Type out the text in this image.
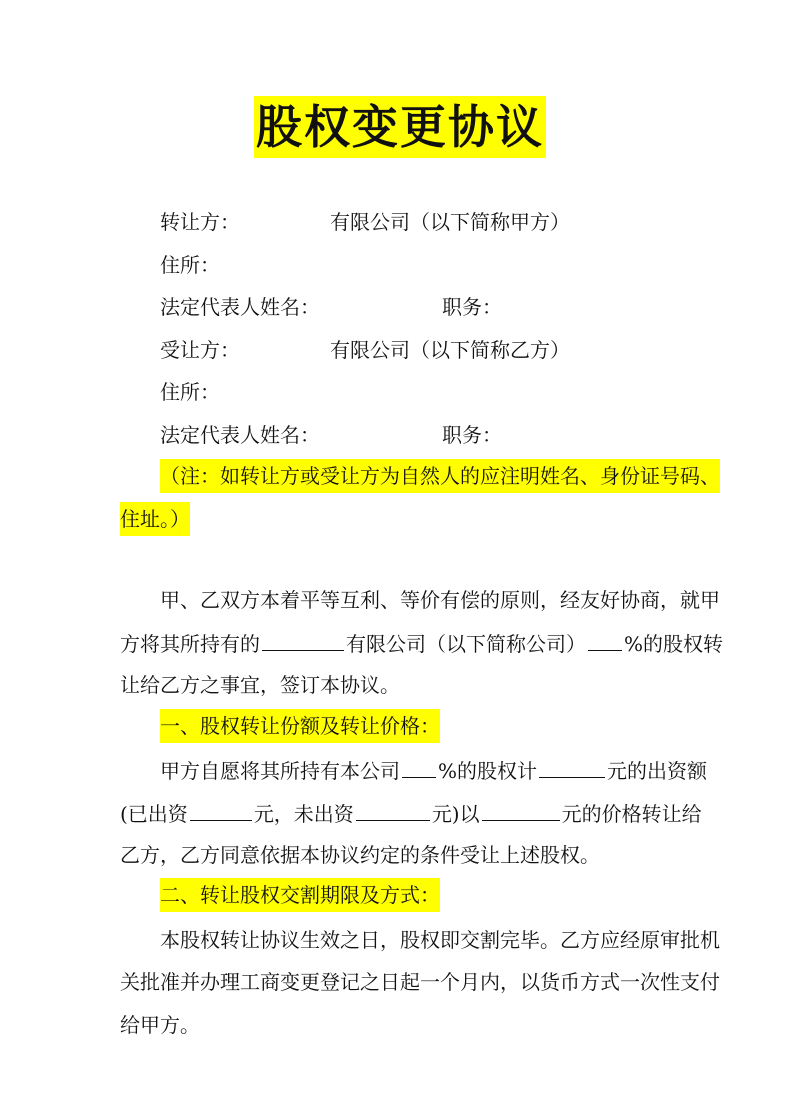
股权变更协议
转让方：	有限公司（以下简称甲方）
住所：
法定代表人姓名：	职务：
受让方：	有限公司（以下简称乙方）
住所：
法定代表人姓名：	职务：
（注：如转让方或受让方为自然人的应注明姓名、身份证号码、
住址。）
甲、乙双方本着平等互利、等价有偿的原则，经友好协商，就甲
方将其所持有的	有限公司（以下简称公司） %的股权转
让给乙方之事宜，签订本协议。
一、股权转让份额及转让价格：
甲方自愿将其所持有本公司 %的股权计	元的出资额
(已出资	元，未出资	元)以	元的价格转让给
乙方，乙方同意依据本协议约定的条件受让上述股权。
二、转让股权交割期限及方式：
本股权转让协议生效之日，股权即交割完毕。乙方应经原审批机
关批准并办理工商变更登记之日起一个月内，以货币方式一次性支付
给甲方。
